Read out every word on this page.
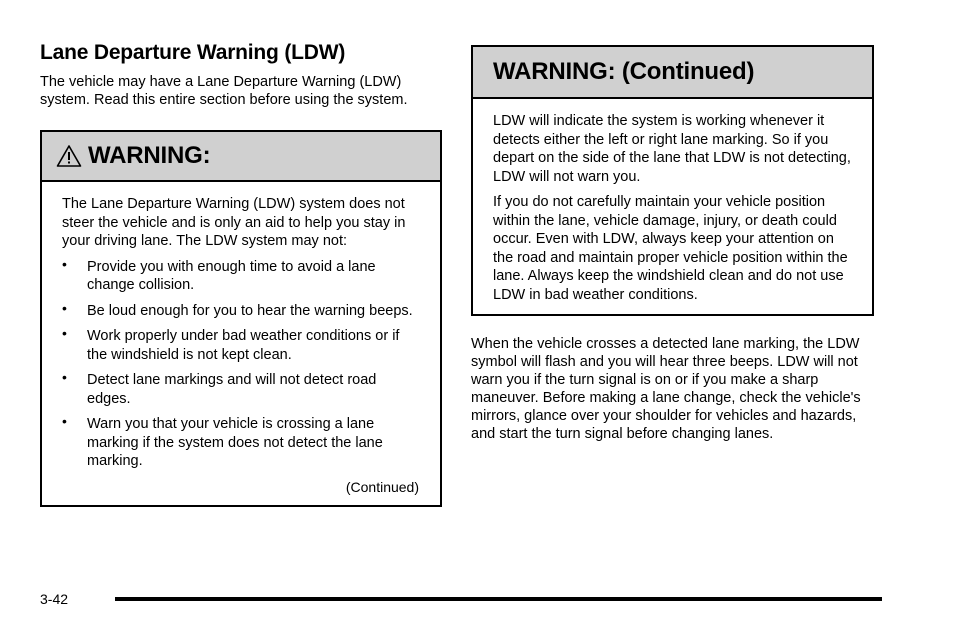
Lane Departure Warning (LDW)

The vehicle may have a Lane Departure Warning (LDW) system. Read this entire section before using the system.

WARNING:

The Lane Departure Warning (LDW) system does not steer the vehicle and is only an aid to help you stay in your driving lane. The LDW system may not:

• Provide you with enough time to avoid a lane change collision.
• Be loud enough for you to hear the warning beeps.
• Work properly under bad weather conditions or if the windshield is not kept clean.
• Detect lane markings and will not detect road edges.
• Warn you that your vehicle is crossing a lane marking if the system does not detect the lane marking.
(Continued)
WARNING: (Continued)

LDW will indicate the system is working whenever it detects either the left or right lane marking. So if you depart on the side of the lane that LDW is not detecting, LDW will not warn you.

If you do not carefully maintain your vehicle position within the lane, vehicle damage, injury, or death could occur. Even with LDW, always keep your attention on the road and maintain proper vehicle position within the lane. Always keep the windshield clean and do not use LDW in bad weather conditions.

When the vehicle crosses a detected lane marking, the LDW symbol will flash and you will hear three beeps. LDW will not warn you if the turn signal is on or if you make a sharp maneuver. Before making a lane change, check the vehicle's mirrors, glance over your shoulder for vehicles and hazards, and start the turn signal before changing lanes.

3-42
